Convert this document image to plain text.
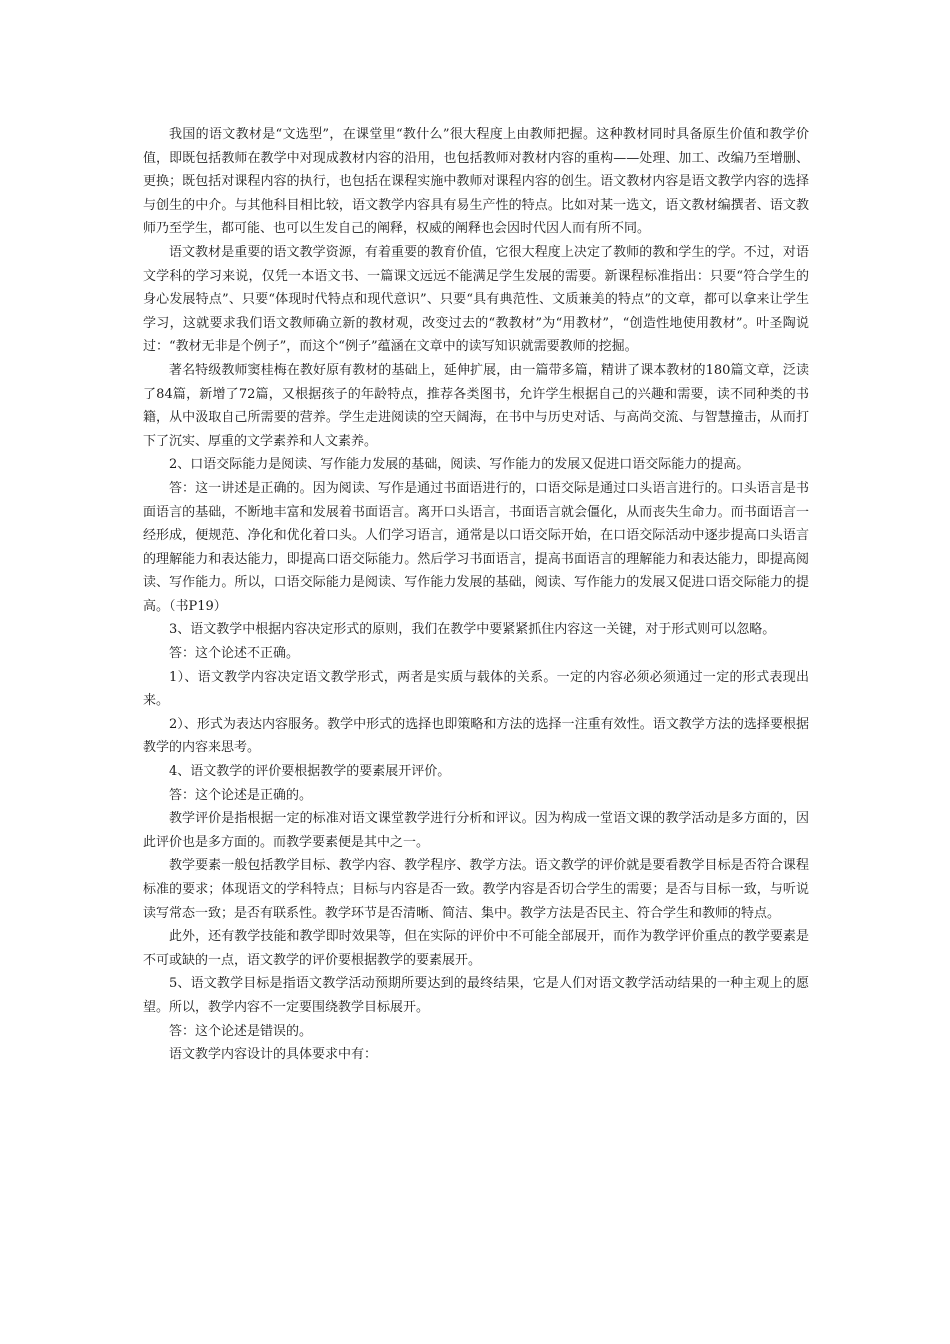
我国的语文教材是“文选型”，在课堂里“教什么”很大程度上由教师把握。这种教材同时具备原生价值和教学价值，即既包括教师在教学中对现成教材内容的沿用，也包括教师对教材内容的重构——处理、加工、改编乃至增删、更换；既包括对课程内容的执行，也包括在课程实施中教师对课程内容的创生。语文教材内容是语文教学内容的选择与创生的中介。与其他科目相比较，语文教学内容具有易生产性的特点。比如对某一选文，语文教材编撰者、语文教师乃至学生，都可能、也可以生发自己的阐释，权威的阐释也会因时代因人而有所不同。

语文教材是重要的语文教学资源，有着重要的教育价值，它很大程度上决定了教师的教和学生的学。不过，对语文学科的学习来说，仅凭一本语文书、一篇课文远远不能满足学生发展的需要。新课程标准指出：只要“符合学生的身心发展特点”、只要“体现时代特点和现代意识”、只要“具有典范性、文质兼美的特点”的文章，都可以拿来让学生学习，这就要求我们语文教师确立新的教材观，改变过去的“教教材”为“用教材”，“创造性地使用教材”。叶圣陶说过：“教材无非是个例子”，而这个“例子”蕴涵在文章中的读写知识就需要教师的挖掘。

著名特级教师窦桂梅在教好原有教材的基础上，延伸扩展，由一篇带多篇，精讲了课本教材的180篇文章，泛读了84篇，新增了72篇，又根据孩子的年龄特点，推荐各类图书，允许学生根据自己的兴趣和需要，读不同种类的书籍，从中汲取自己所需要的营养。学生走进阅读的空天阔海，在书中与历史对话、与高尚交流、与智慧撞击，从而打下了沉实、厚重的文学素养和人文素养。

2、口语交际能力是阅读、写作能力发展的基础，阅读、写作能力的发展又促进口语交际能力的提高。

答：这一讲述是正确的。因为阅读、写作是通过书面语进行的，口语交际是通过口头语言进行的。口头语言是书面语言的基础，不断地丰富和发展着书面语言。离开口头语言，书面语言就会僵化，从而丧失生命力。而书面语言一经形成，便规范、净化和优化着口头。人们学习语言，通常是以口语交际开始，在口语交际活动中逐步提高口头语言的理解能力和表达能力，即提高口语交际能力。然后学习书面语言，提高书面语言的理解能力和表达能力，即提高阅读、写作能力。所以，口语交际能力是阅读、写作能力发展的基础，阅读、写作能力的发展又促进口语交际能力的提高。（书P19）

3、语文教学中根据内容决定形式的原则，我们在教学中要紧紧抓住内容这一关键，对于形式则可以忽略。

答：这个论述不正确。

1）、语文教学内容决定语文教学形式，两者是实质与载体的关系。一定的内容必须必须通过一定的形式表现出来。

2）、形式为表达内容服务。教学中形式的选择也即策略和方法的选择一注重有效性。语文教学方法的选择要根据教学的内容来思考。

4、语文教学的评价要根据教学的要素展开评价。

答：这个论述是正确的。

教学评价是指根据一定的标准对语文课堂教学进行分析和评议。因为构成一堂语文课的教学活动是多方面的，因此评价也是多方面的。而教学要素便是其中之一。

教学要素一般包括教学目标、教学内容、教学程序、教学方法。语文教学的评价就是要看教学目标是否符合课程标准的要求；体现语文的学科特点；目标与内容是否一致。教学内容是否切合学生的需要；是否与目标一致，与听说读写常态一致；是否有联系性。教学环节是否清晰、简洁、集中。教学方法是否民主、符合学生和教师的特点。

此外，还有教学技能和教学即时效果等，但在实际的评价中不可能全部展开，而作为教学评价重点的教学要素是不可或缺的一点，语文教学的评价要根据教学的要素展开。

5、语文教学目标是指语文教学活动预期所要达到的最终结果，它是人们对语文教学活动结果的一种主观上的愿望。所以，教学内容不一定要围绕教学目标展开。

答：这个论述是错误的。

语文教学内容设计的具体要求中有：
